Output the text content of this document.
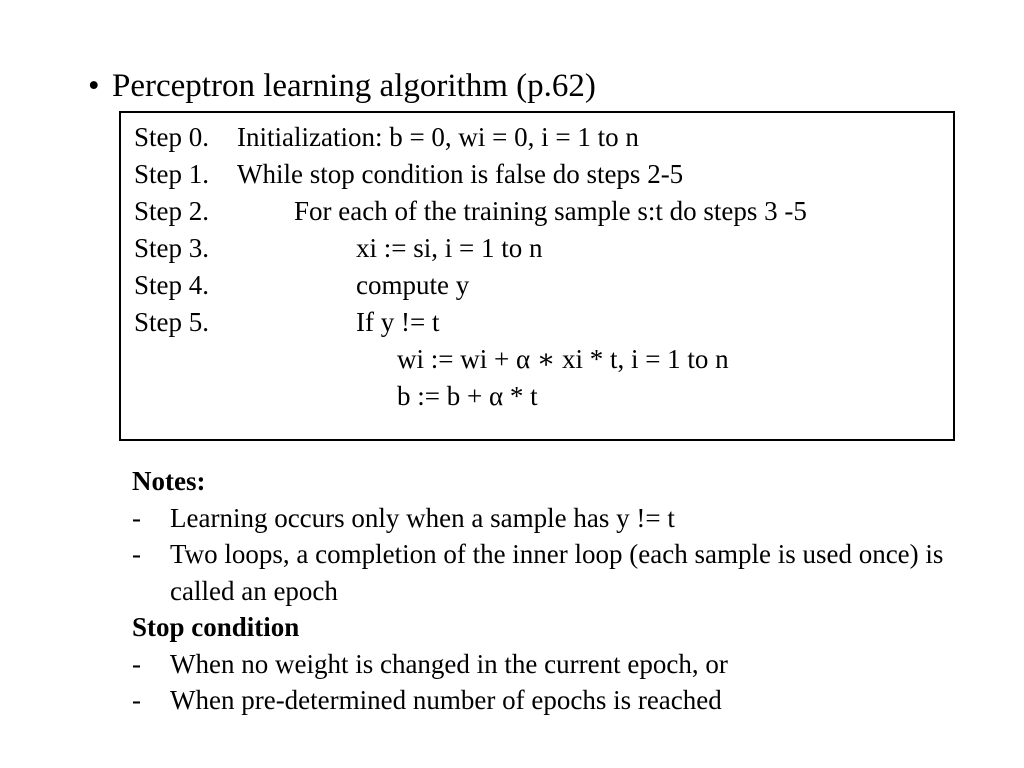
• Perceptron learning algorithm (p.62)
Step 0. Initialization: b = 0, wi = 0, i = 1 to n
Step 1. While stop condition is false do steps 2-5
Step 2.	For each of the training sample s:t do steps 3 -5
Step 3.	xi := si, i = 1 to n
Step 4.	compute y
Step 5.	If y != t
wi := wi + α ∗ xi * t, i = 1 to n
b := b + α * t
Notes:
- Learning occurs only when a sample has y != t
- Two loops, a completion of the inner loop (each sample is used once) is called an epoch
Stop condition
- When no weight is changed in the current epoch, or
- When pre-determined number of epochs is reached
